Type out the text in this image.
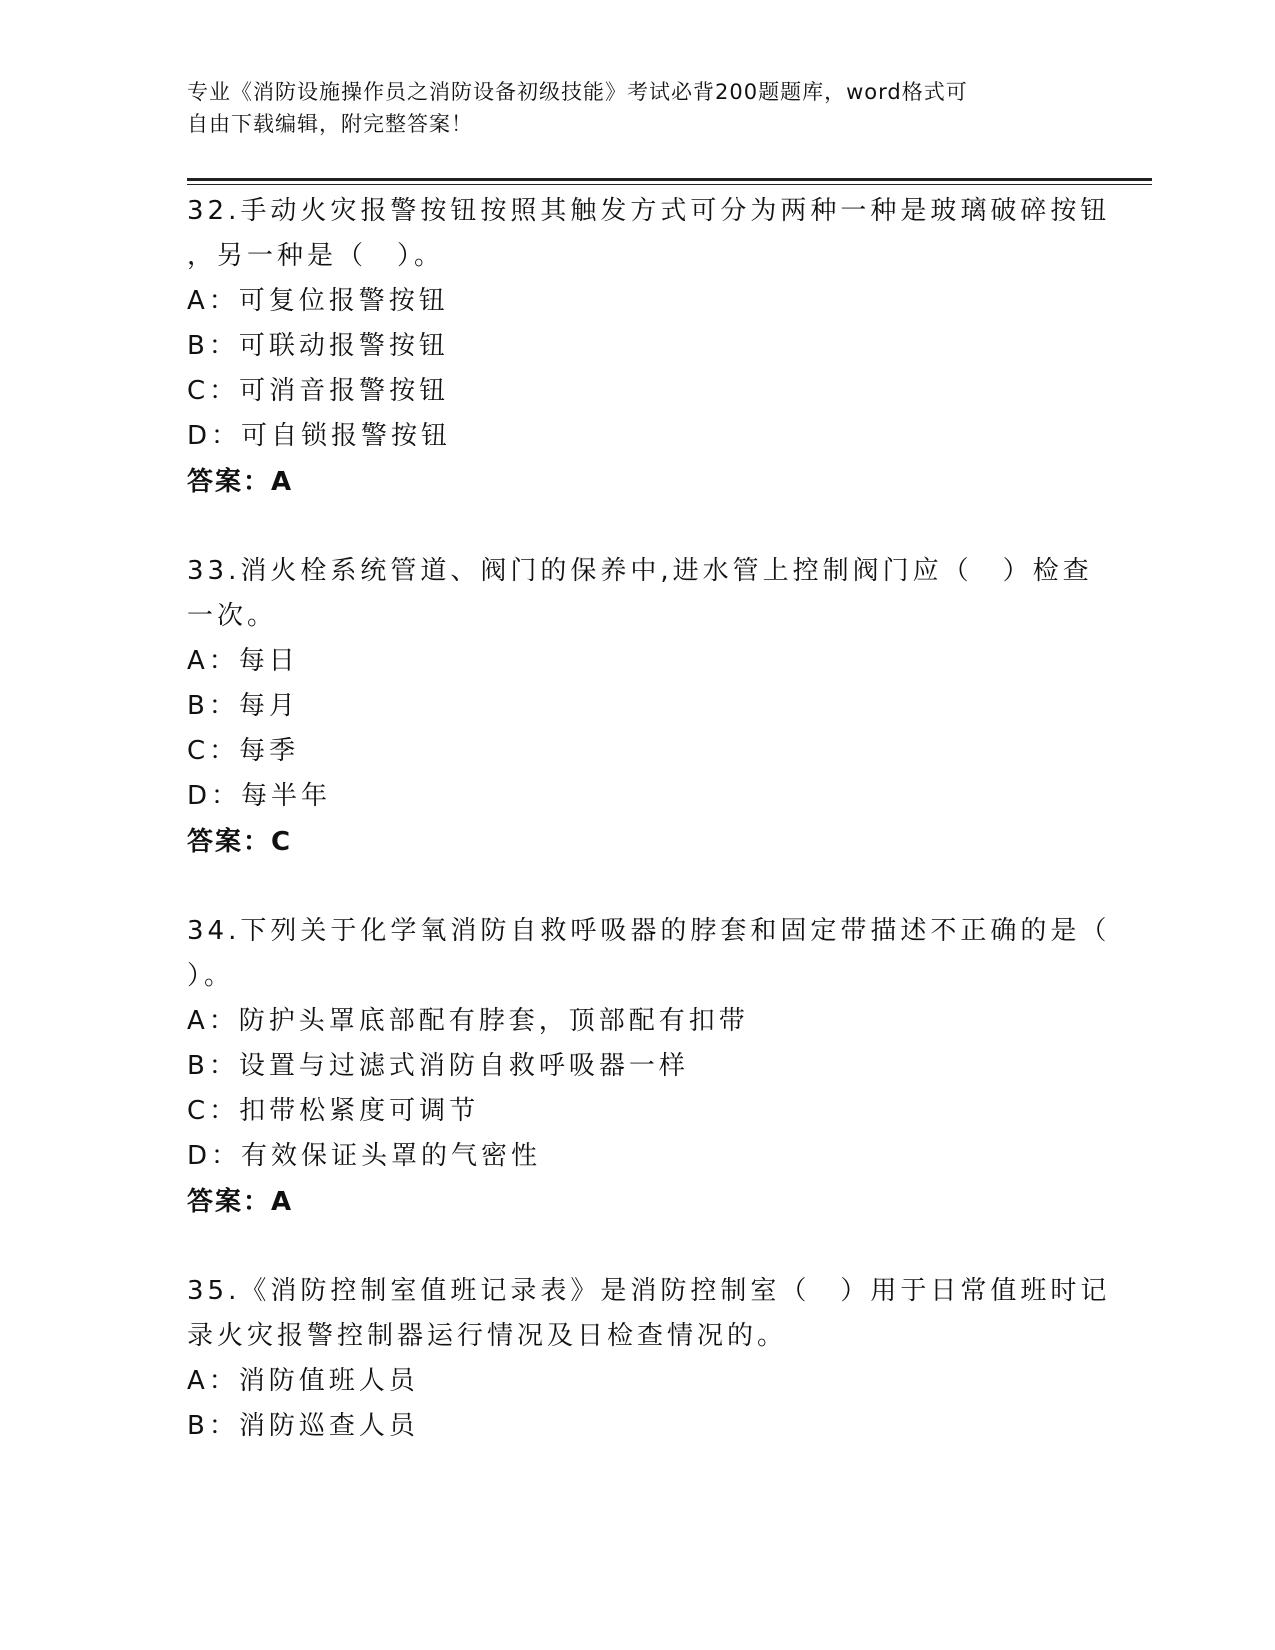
专业《消防设施操作员之消防设备初级技能》考试必背200题题库，word格式可
自由下载编辑，附完整答案！
32.手动火灾报警按钮按照其触发方式可分为两种一种是玻璃破碎按钮
，另一种是（　）。
A：可复位报警按钮
B：可联动报警按钮
C：可消音报警按钮
D：可自锁报警按钮
答案：A
33.消火栓系统管道、阀门的保养中,进水管上控制阀门应（　）检查
一次。
A：每日
B：每月
C：每季
D：每半年
答案：C
34.下列关于化学氧消防自救呼吸器的脖套和固定带描述不正确的是（
）。
A：防护头罩底部配有脖套，顶部配有扣带
B：设置与过滤式消防自救呼吸器一样
C：扣带松紧度可调节
D：有效保证头罩的气密性
答案：A
35.《消防控制室值班记录表》是消防控制室（　）用于日常值班时记
录火灾报警控制器运行情况及日检查情况的。
A：消防值班人员
B：消防巡查人员
